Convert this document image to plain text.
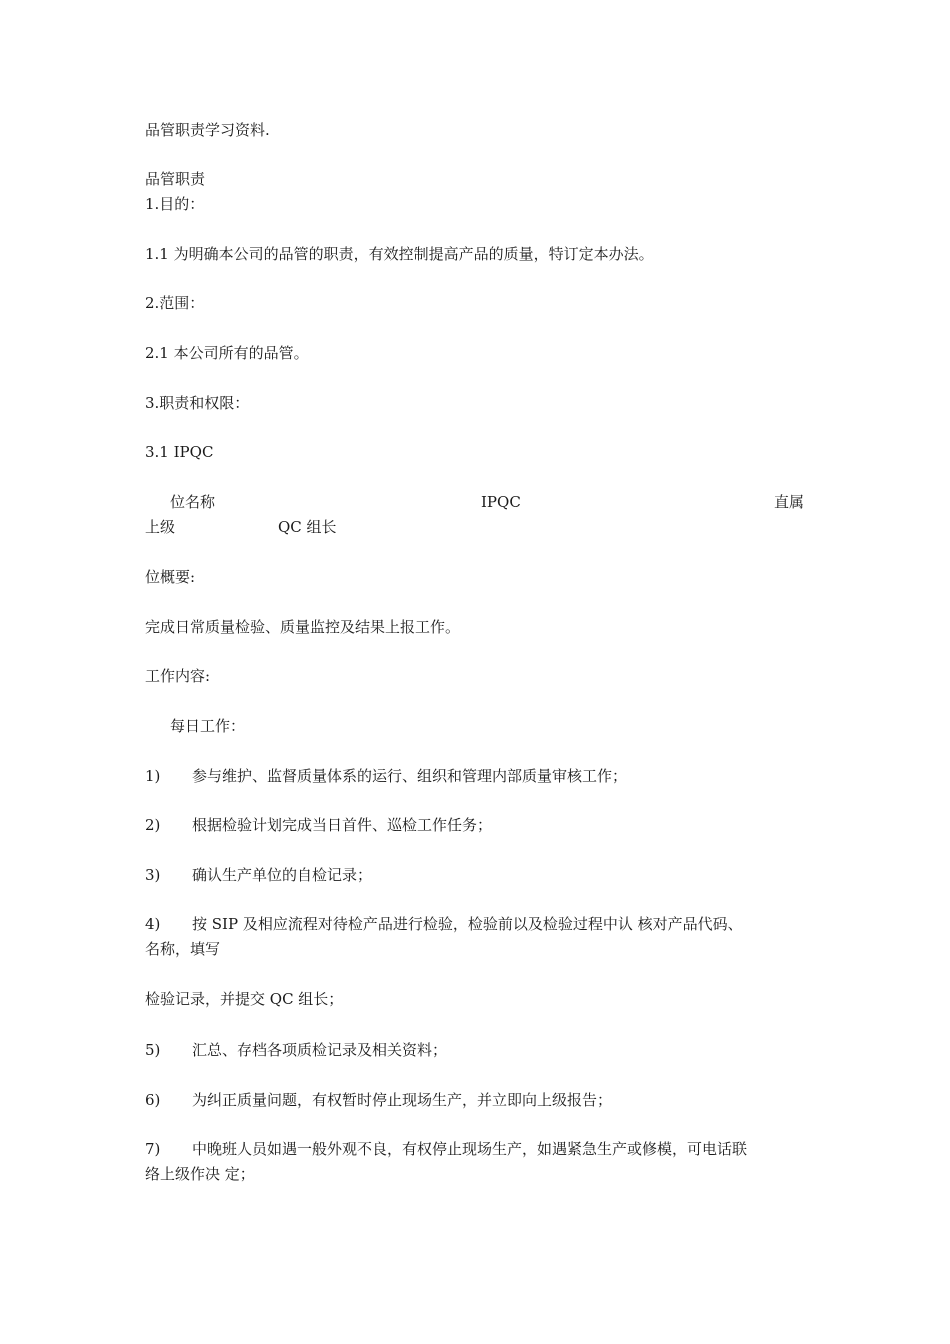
品管职责学习资料.

品管职责

1.目的：

1.1 为明确本公司的品管的职责，有效控制提高产品的质量，特订定本办法。

2.范围：

2.1 本公司所有的品管。

3.职责和权限：

3.1 IPQC

位名称	IPQC	直属

上级	QC 组长

位概要:

完成日常质量检验、质量监控及结果上报工作。

工作内容:

每日工作：

1) 参与维护、监督质量体系的运行、组织和管理内部质量审核工作；
2) 根据检验计划完成当日首件、巡检工作任务；
3) 确认生产单位的自检记录；
4) 按 SIP 及相应流程对待检产品进行检验，检验前以及检验过程中认 核对产品代码、
名称，填写
检验记录，并提交 QC 组长；
5) 汇总、存档各项质检记录及相关资料；
6) 为纠正质量问题，有权暂时停止现场生产，并立即向上级报告；
7) 中晚班人员如遇一般外观不良，有权停止现场生产，如遇紧急生产或修模，可电话联
络上级作决 定；
